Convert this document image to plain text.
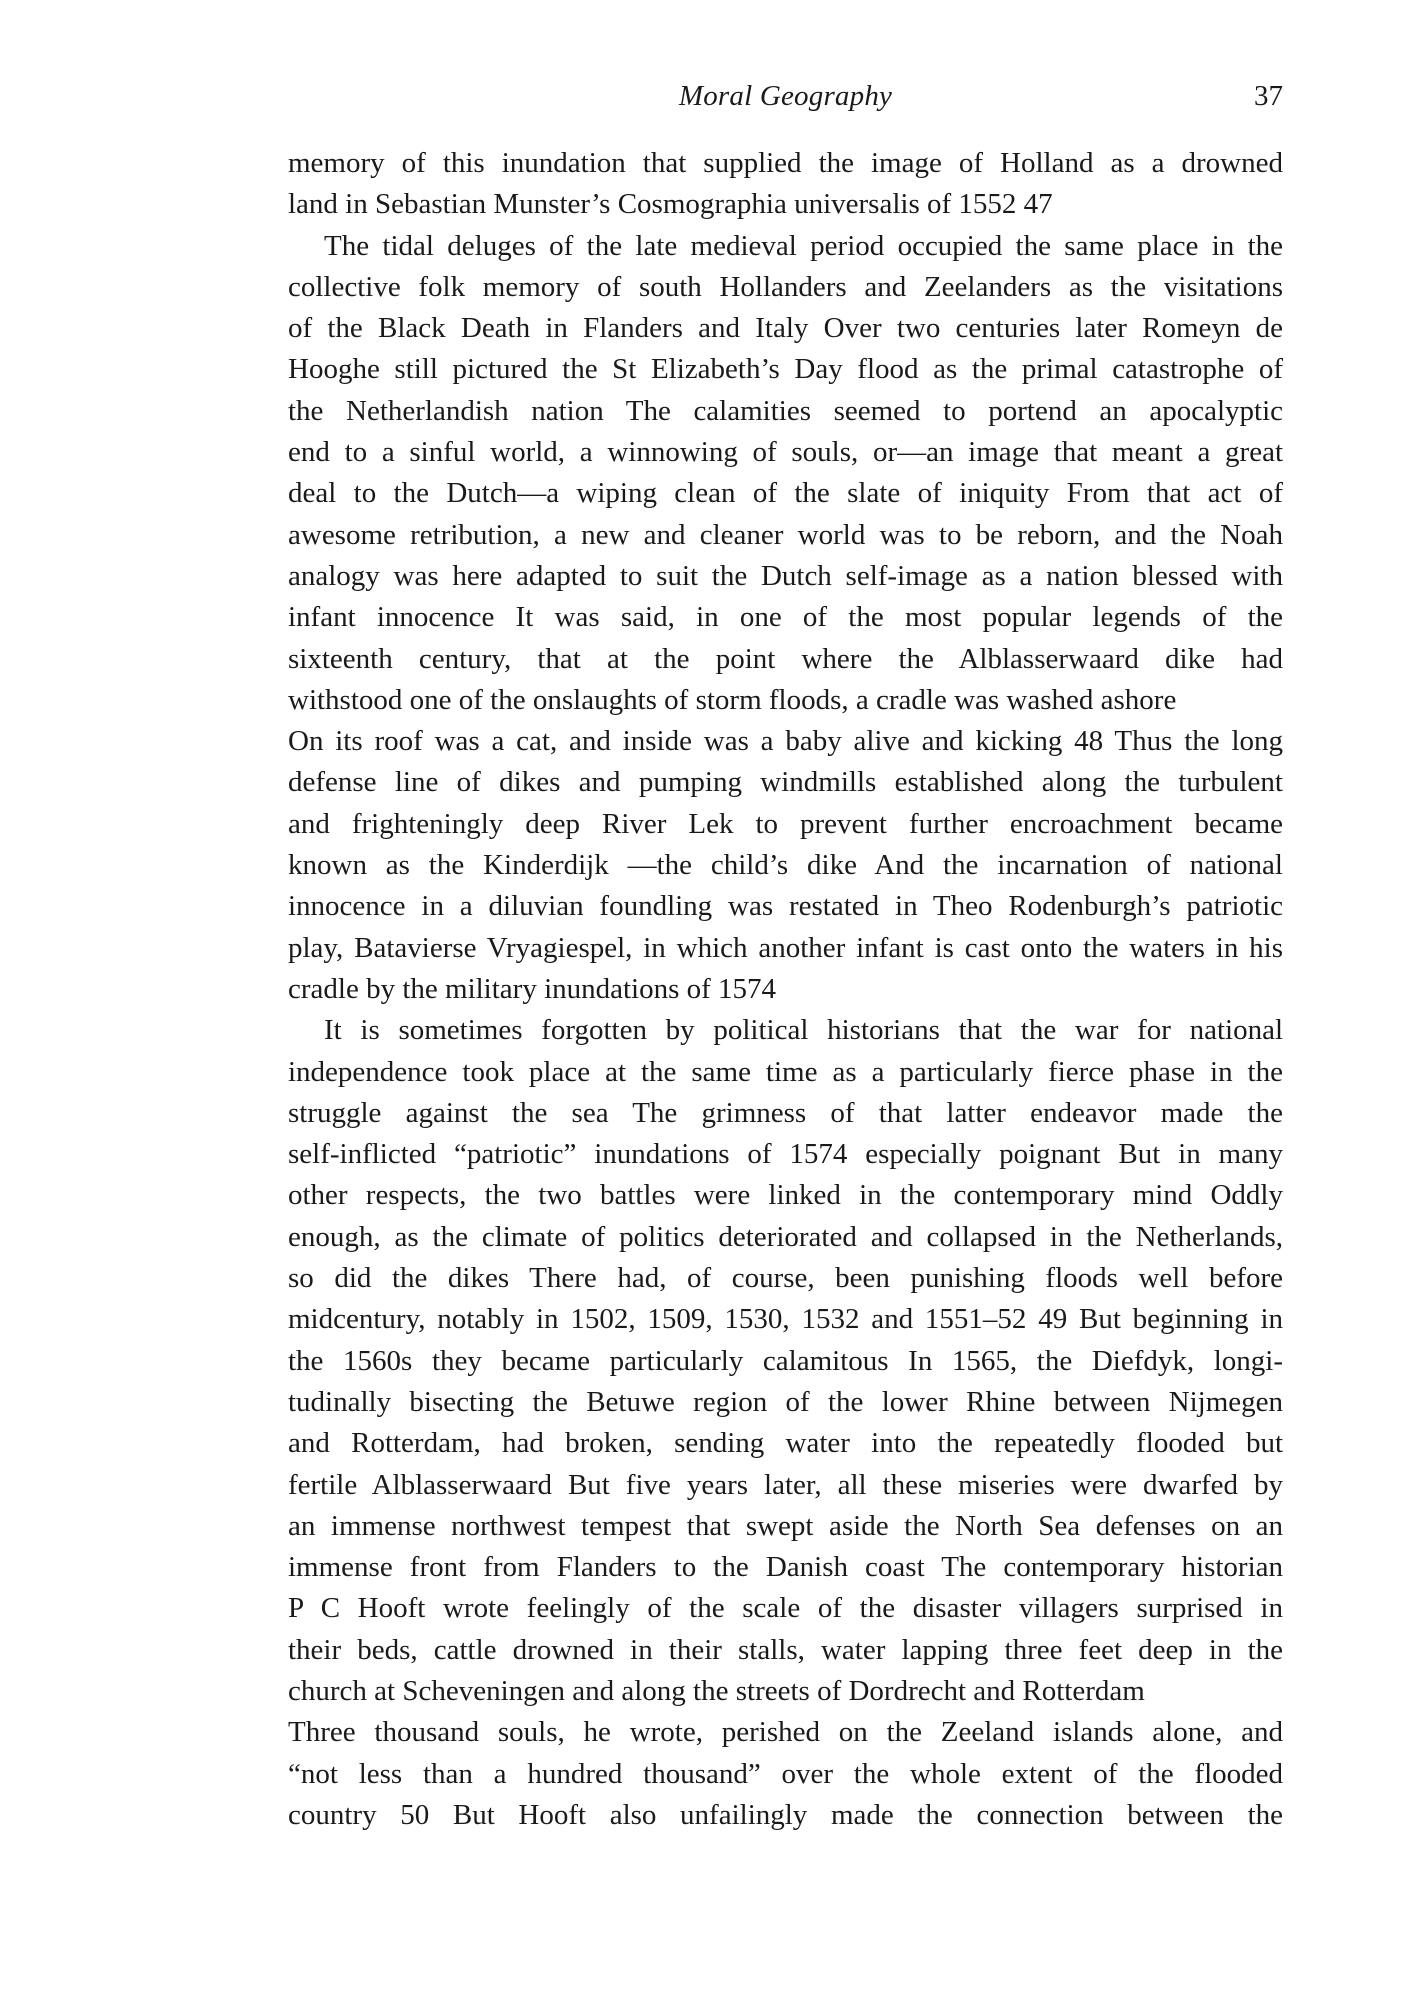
Moral Geography	37
memory of this inundation that supplied the image of Holland as a drowned
land in Sebastian Munster’s Cosmographia universalis of 1552 47
The tidal deluges of the late medieval period occupied the same place in the
collective folk memory of south Hollanders and Zeelanders as the visitations
of the Black Death in Flanders and Italy Over two centuries later Romeyn de
Hooghe still pictured the St Elizabeth’s Day flood as the primal catastrophe of
the Netherlandish nation The calamities seemed to portend an apocalyptic
end to a sinful world, a winnowing of souls, or—an image that meant a great
deal to the Dutch—a wiping clean of the slate of iniquity From that act of
awesome retribution, a new and cleaner world was to be reborn, and the Noah
analogy was here adapted to suit the Dutch self-image as a nation blessed with
infant innocence It was said, in one of the most popular legends of the
sixteenth century, that at the point where the Alblasserwaard dike had
withstood one of the onslaughts of storm floods, a cradle was washed ashore
On its roof was a cat, and inside was a baby alive and kicking 48 Thus the long
defense line of dikes and pumping windmills established along the turbulent
and frighteningly deep River Lek to prevent further encroachment became
known as the Kinderdijk —the child’s dike And the incarnation of national
innocence in a diluvian foundling was restated in Theo Rodenburgh’s patriotic
play, Batavierse Vryagiespel, in which another infant is cast onto the waters in his
cradle by the military inundations of 1574
It is sometimes forgotten by political historians that the war for national
independence took place at the same time as a particularly fierce phase in the
struggle against the sea The grimness of that latter endeavor made the
self-inflicted “patriotic” inundations of 1574 especially poignant But in many
other respects, the two battles were linked in the contemporary mind Oddly
enough, as the climate of politics deteriorated and collapsed in the Netherlands,
so did the dikes There had, of course, been punishing floods well before
midcentury, notably in 1502, 1509, 1530, 1532 and 1551–52 49 But beginning in
the 1560s they became particularly calamitous In 1565, the Diefdyk, longi-
tudinally bisecting the Betuwe region of the lower Rhine between Nijmegen
and Rotterdam, had broken, sending water into the repeatedly flooded but
fertile Alblasserwaard But five years later, all these miseries were dwarfed by
an immense northwest tempest that swept aside the North Sea defenses on an
immense front from Flanders to the Danish coast The contemporary historian
P C Hooft wrote feelingly of the scale of the disaster villagers surprised in
their beds, cattle drowned in their stalls, water lapping three feet deep in the
church at Scheveningen and along the streets of Dordrecht and Rotterdam
Three thousand souls, he wrote, perished on the Zeeland islands alone, and
“not less than a hundred thousand” over the whole extent of the flooded
country 50 But Hooft also unfailingly made the connection between the
